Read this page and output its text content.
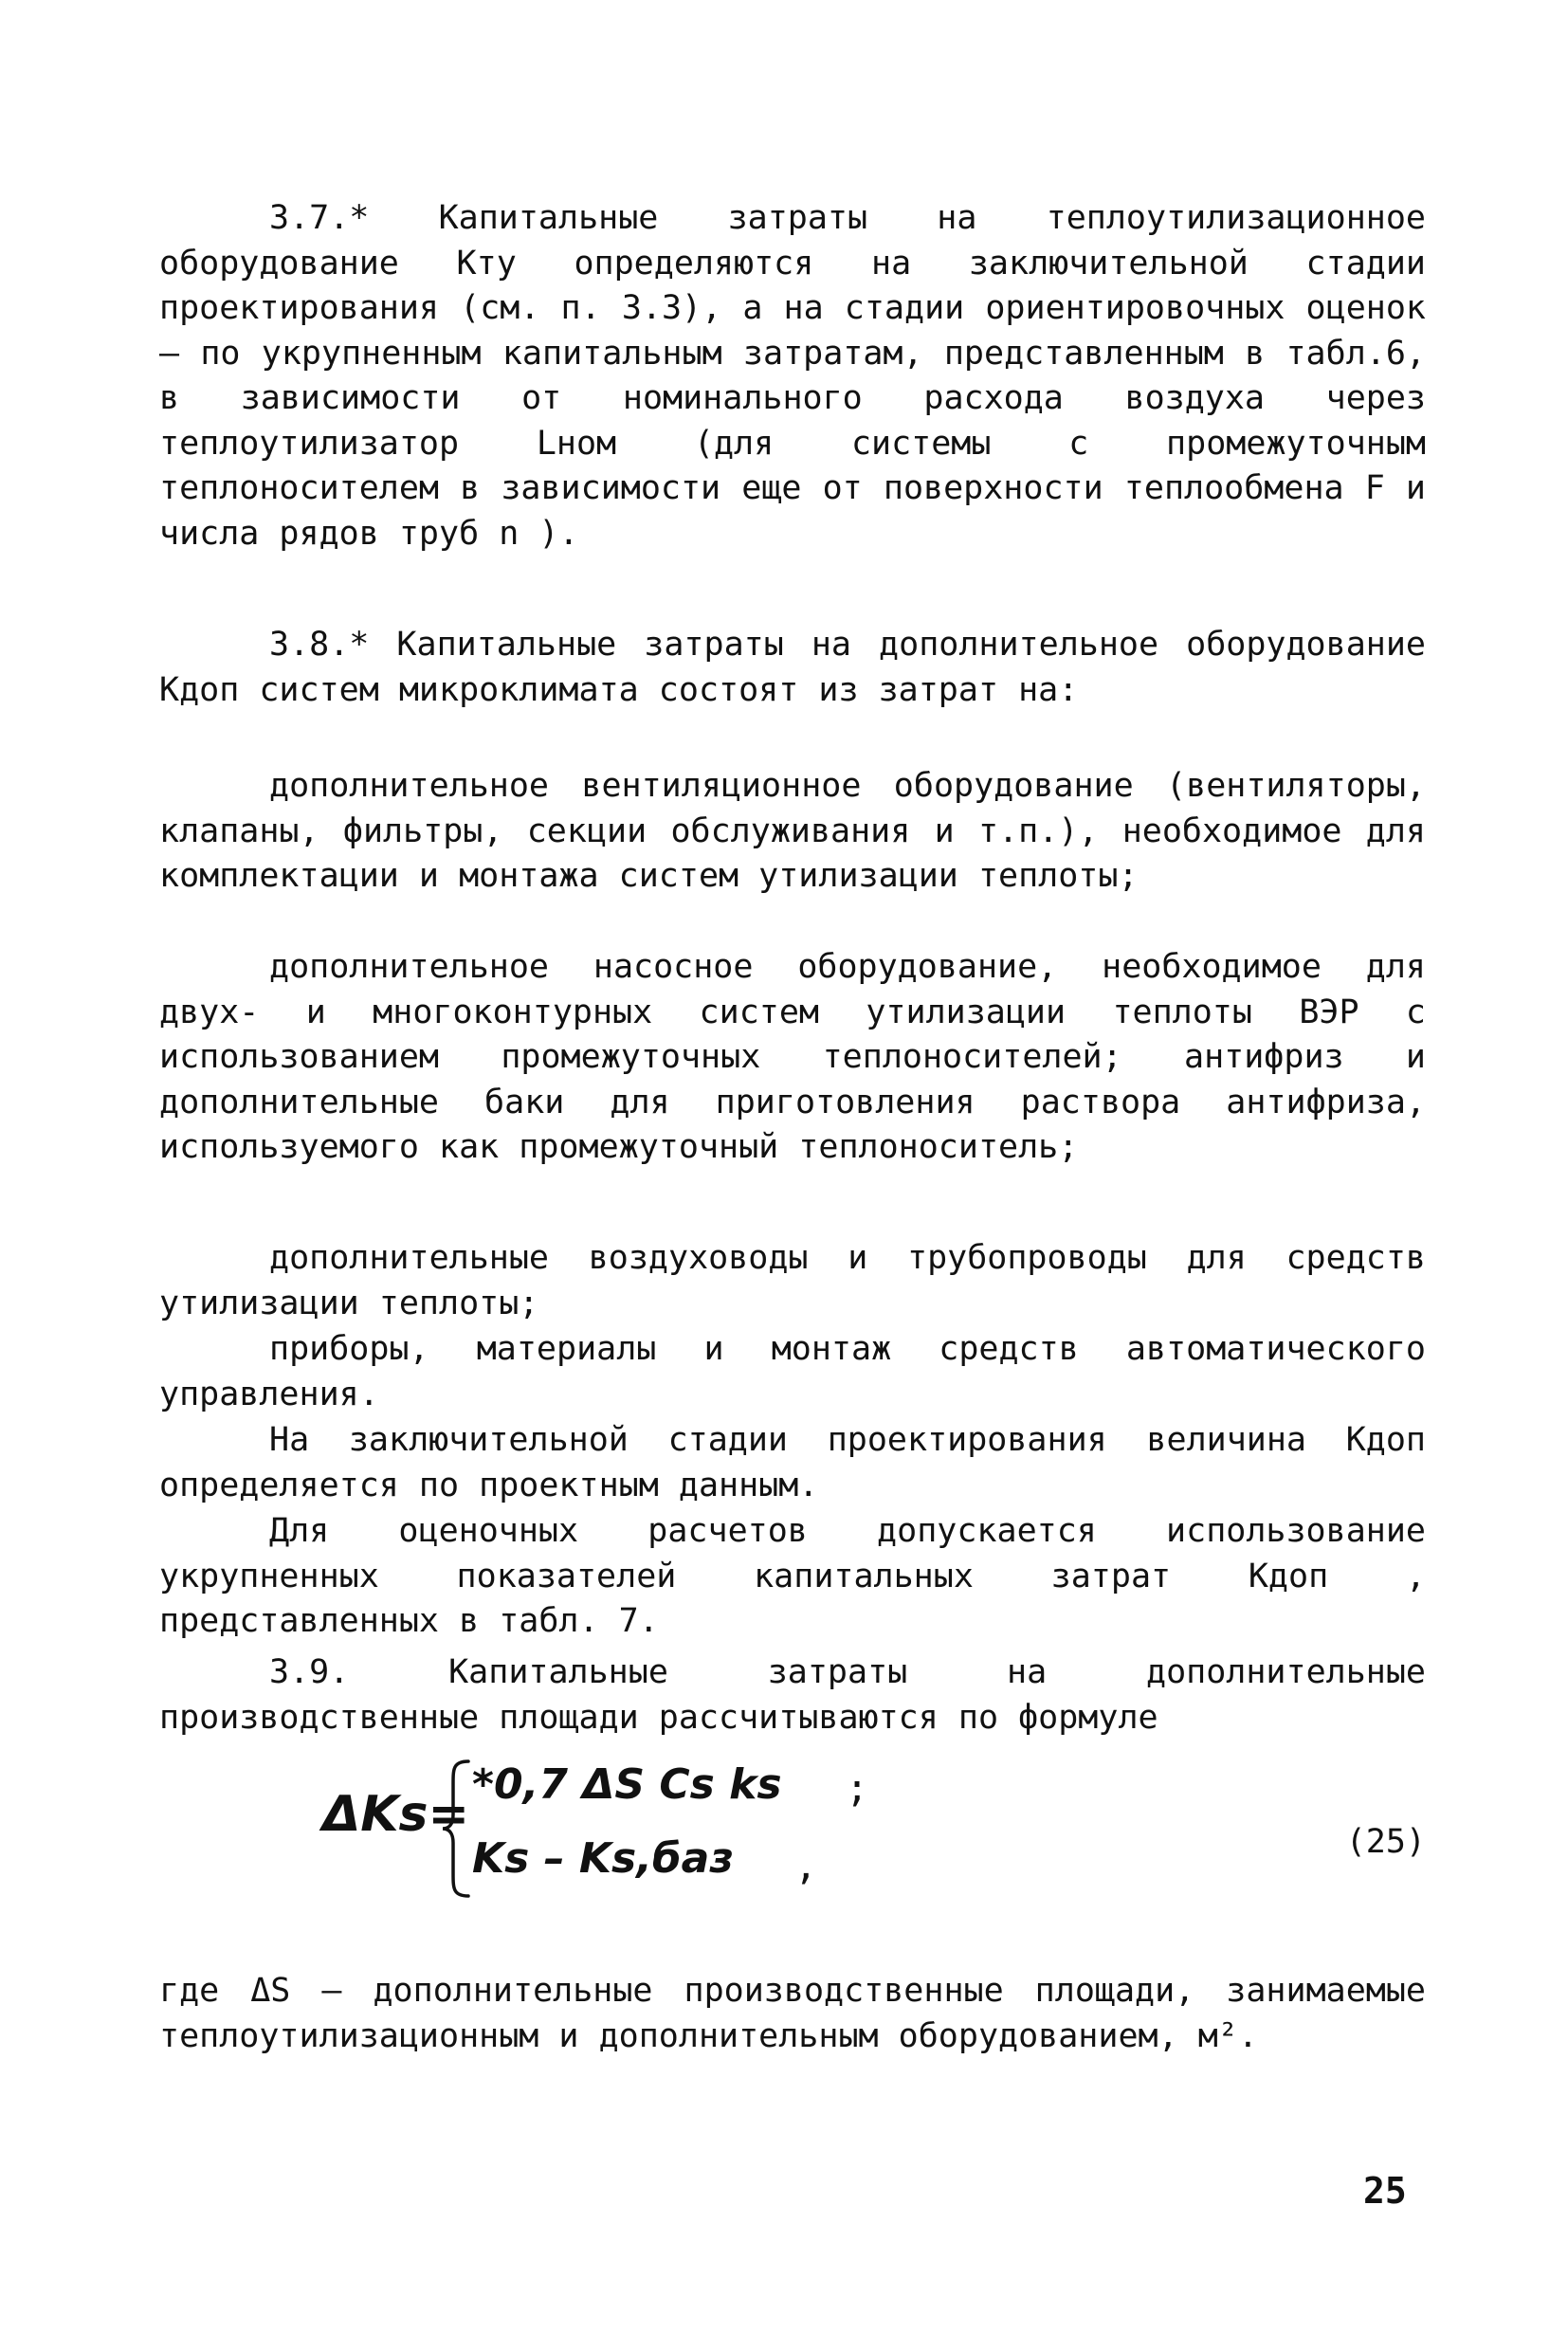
3.7.* Капитальные затраты на теплоутилизационное оборудование Kту определяются на заключительной стадии проектирования (см. п. 3.3), а на стадии ориентировочных оценок – по укрупненным капитальным затратам, представленным в табл.6, в зависимости от номинального расхода воздуха через теплоутилизатор Lном (для системы с промежуточным теплоносителем в зависимости еще от поверхности теплообмена F и числа рядов труб n ).
3.8.* Капитальные затраты на дополнительное оборудование Kдоп систем микроклимата состоят из затрат на:
дополнительное вентиляционное оборудование (вентиляторы, клапаны, фильтры, секции обслуживания и т.п.), необходимое для комплектации и монтажа систем утилизации теплоты;
дополнительное насосное оборудование, необходимое для двух- и многоконтурных систем утилизации теплоты ВЭР с использованием промежуточных теплоносителей; антифриз и дополнительные баки для приготовления раствора антифриза, используемого как промежуточный теплоноситель;
дополнительные воздуховоды и трубопроводы для средств утилизации теплоты;
приборы, материалы и монтаж средств автоматического управления.
На заключительной стадии проектирования величина Kдоп определяется по проектным данным.
Для оценочных расчетов допускается использование укрупненных показателей капитальных затрат Kдоп , представленных в табл. 7.
3.9. Капитальные затраты на дополнительные производственные площади рассчитываются по формуле
ΔKs=
*0,7 ΔS Cs ks ;
Ks – Ks,баз ,
(25)
где ΔS – дополнительные производственные площади, занимаемые теплоутилизационным и дополнительным оборудованием, м².
25
